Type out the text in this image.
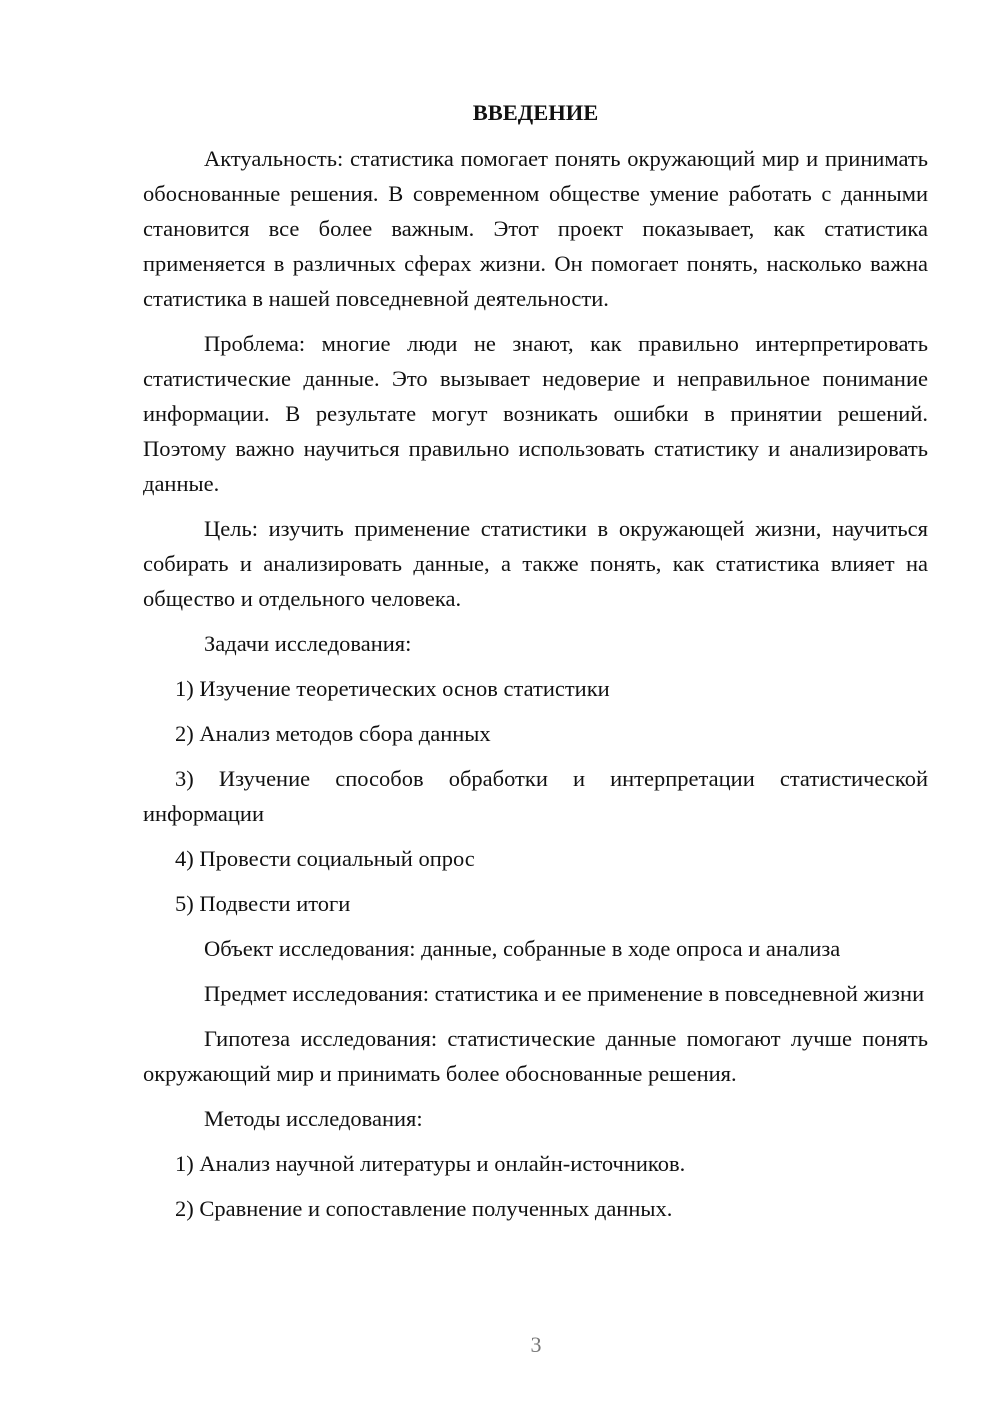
ВВЕДЕНИЕ

Актуальность: статистика помогает понять окружающий мир и принимать обоснованные решения. В современном обществе умение работать с данными становится все более важным. Этот проект показывает, как статистика применяется в различных сферах жизни. Он помогает понять, насколько важна статистика в нашей повседневной деятельности.

Проблема: многие люди не знают, как правильно интерпретировать статистические данные. Это вызывает недоверие и неправильное понимание информации. В результате могут возникать ошибки в принятии решений. Поэтому важно научиться правильно использовать статистику и анализировать данные.

Цель: изучить применение статистики в окружающей жизни, научиться собирать и анализировать данные, а также понять, как статистика влияет на общество и отдельного человека.

Задачи исследования:

1) Изучение теоретических основ статистики

2) Анализ методов сбора данных

3) Изучение способов обработки и интерпретации статистической информации

4) Провести социальный опрос

5) Подвести итоги

Объект исследования: данные, собранные в ходе опроса и анализа

Предмет исследования: статистика и ее применение в повседневной жизни

Гипотеза исследования: статистические данные помогают лучше понять окружающий мир и принимать более обоснованные решения.

Методы исследования:

1) Анализ научной литературы и онлайн-источников.

2) Сравнение и сопоставление полученных данных.

3
